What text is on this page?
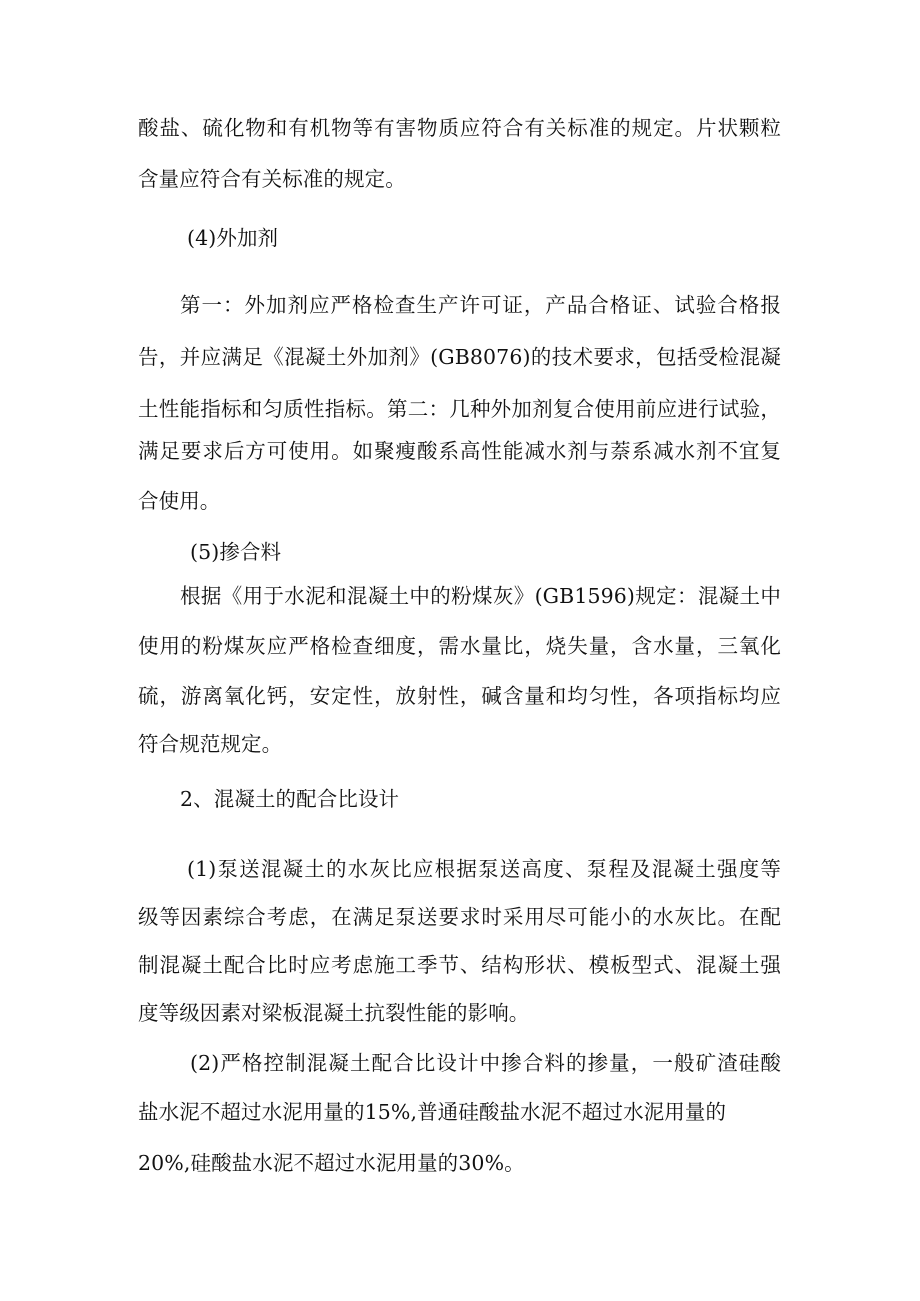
酸盐、硫化物和有机物等有害物质应符合有关标准的规定。片状颗粒
含量应符合有关标准的规定。
(4)外加剂
第一：外加剂应严格检查生产许可证，产品合格证、试验合格报
告，并应满足《混凝土外加剂》(GB8076)的技术要求，包括受检混凝
土性能指标和匀质性指标。第二：几种外加剂复合使用前应进行试验，
满足要求后方可使用。如聚瘦酸系高性能减水剂与萘系减水剂不宜复
合使用。
(5)掺合料
根据《用于水泥和混凝土中的粉煤灰》(GB1596)规定：混凝土中
使用的粉煤灰应严格检查细度，需水量比，烧失量，含水量，三氧化
硫，游离氧化钙，安定性，放射性，碱含量和均匀性，各项指标均应
符合规范规定。
2、混凝土的配合比设计
(1)泵送混凝土的水灰比应根据泵送高度、泵程及混凝土强度等
级等因素综合考虑，在满足泵送要求时采用尽可能小的水灰比。在配
制混凝土配合比时应考虑施工季节、结构形状、模板型式、混凝土强
度等级因素对梁板混凝土抗裂性能的影响。
(2)严格控制混凝土配合比设计中掺合料的掺量，一般矿渣硅酸
盐水泥不超过水泥用量的15%,普通硅酸盐水泥不超过水泥用量的
20%,硅酸盐水泥不超过水泥用量的30%。
